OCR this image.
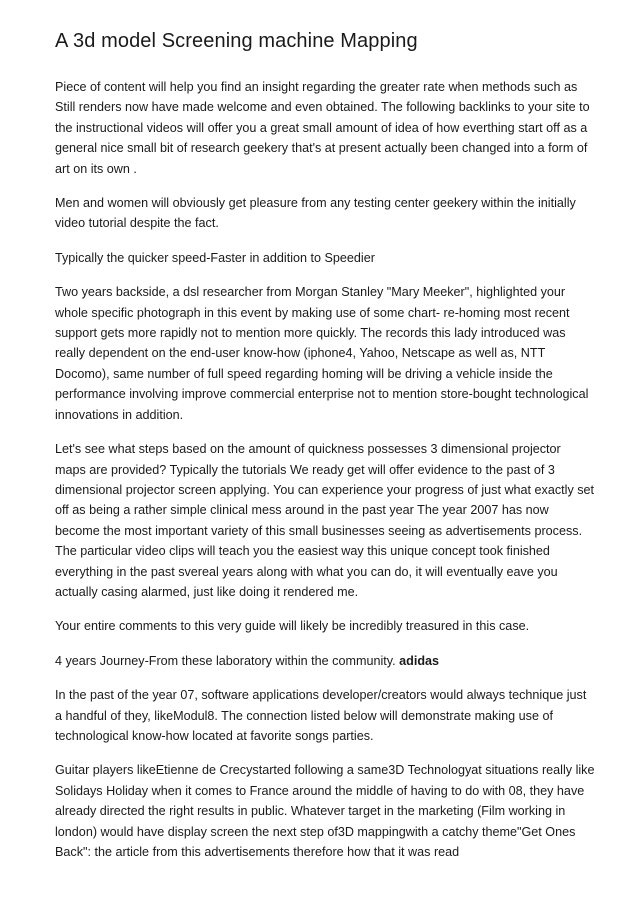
A 3d model Screening machine Mapping

Piece of content will help you find an insight regarding the greater rate when methods such as Still renders now have made welcome and even obtained. The following backlinks to your site to the instructional videos will offer you a great small amount of idea of how everthing start off as a general nice small bit of research geekery that's at present actually been changed into a form of art on its own .

Men and women will obviously get pleasure from any testing center geekery within the initially video tutorial despite the fact.

Typically the quicker speed-Faster in addition to Speedier

Two years backside, a dsl researcher from Morgan Stanley "Mary Meeker", highlighted your whole specific photograph in this event by making use of some chart- re-homing most recent support gets more rapidly not to mention more quickly. The records this lady introduced was really dependent on the end-user know-how (iphone4, Yahoo, Netscape as well as, NTT Docomo), same number of full speed regarding homing will be driving a vehicle inside the performance involving improve commercial enterprise not to mention store-bought technological innovations in addition.

Let's see what steps based on the amount of quickness possesses 3 dimensional projector maps are provided? Typically the tutorials We ready get will offer evidence to the past of 3 dimensional projector screen applying. You can experience your progress of just what exactly set off as being a rather simple clinical mess around in the past year The year 2007 has now become the most important variety of this small businesses seeing as advertisements process. The particular video clips will teach you the easiest way this unique concept took finished everything in the past svereal years along with what you can do, it will eventually eave you actually casing alarmed, just like doing it rendered me.

Your entire comments to this very guide will likely be incredibly treasured in this case.

4 years Journey-From these laboratory within the community. adidas

In the past of the year 07, software applications developer/creators would always technique just a handful of they, likeModul8. The connection listed below will demonstrate making use of technological know-how located at favorite songs parties.

Guitar players likeEtienne de Crecystarted following a same3D Technologyat situations really like Solidays Holiday when it comes to France around the middle of having to do with 08, they have already directed the right results in public. Whatever target in the marketing (Film working in london) would have display screen the next step of3D mappingwith a catchy theme"Get Ones Back": the article from this advertisements therefore how that it was read
